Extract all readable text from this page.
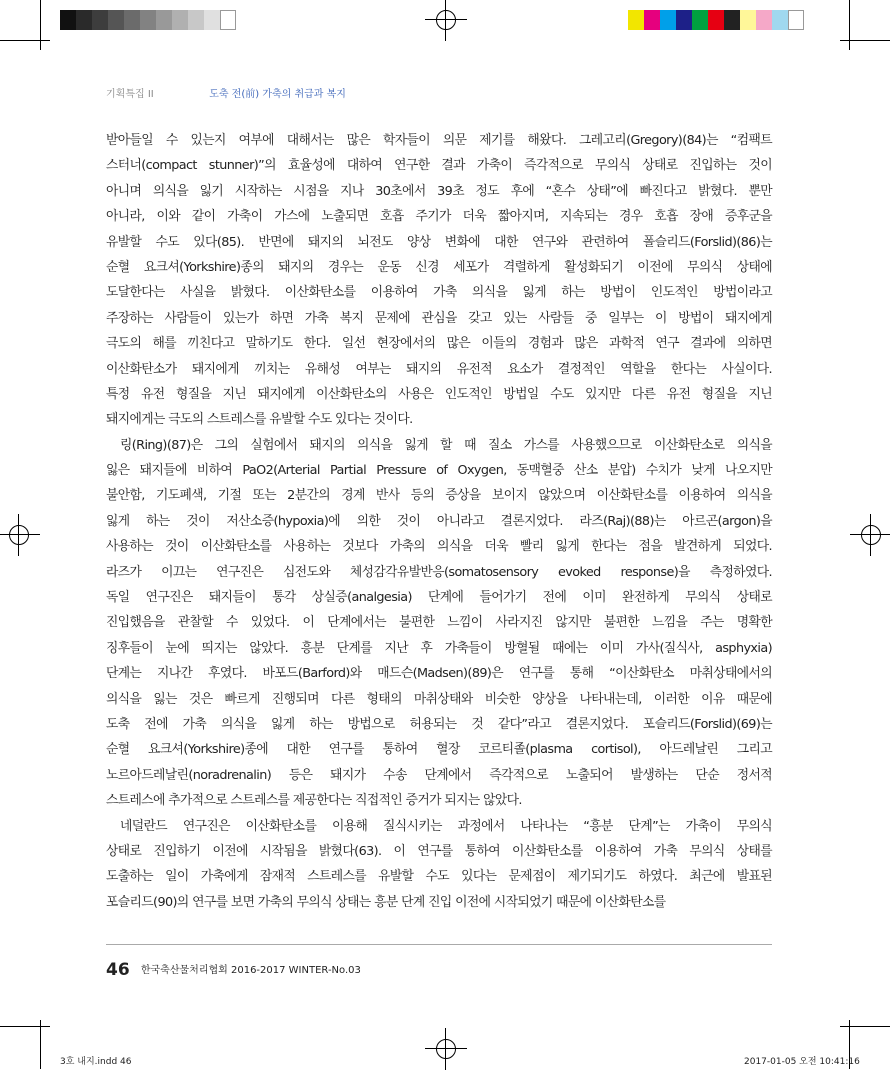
기획특집 II	도축 전(前) 가축의 취급과 복지
받아들일 수 있는지 여부에 대해서는 많은 학자들이 의문 제기를 해왔다. 그레고리(Gregory)(84)는 “컴팩트
스터너(compact stunner)”의 효율성에 대하여 연구한 결과 가축이 즉각적으로 무의식 상태로 진입하는 것이
아니며 의식을 잃기 시작하는 시점을 지나 30초에서 39초 정도 후에 “혼수 상태”에 빠진다고 밝혔다. 뿐만
아니라, 이와 같이 가축이 가스에 노출되면 호흡 주기가 더욱 짧아지며, 지속되는 경우 호흡 장애 증후군을
유발할 수도 있다(85). 반면에 돼지의 뇌전도 양상 변화에 대한 연구와 관련하여 폴슬리드(Forslid)(86)는
순혈 요크셔(Yorkshire)종의 돼지의 경우는 운동 신경 세포가 격렬하게 활성화되기 이전에 무의식 상태에
도달한다는 사실을 밝혔다. 이산화탄소를 이용하여 가축 의식을 잃게 하는 방법이 인도적인 방법이라고
주장하는 사람들이 있는가 하면 가축 복지 문제에 관심을 갖고 있는 사람들 중 일부는 이 방법이 돼지에게
극도의 해를 끼친다고 말하기도 한다. 일선 현장에서의 많은 이들의 경험과 많은 과학적 연구 결과에 의하면
이산화탄소가 돼지에게 끼치는 유해성 여부는 돼지의 유전적 요소가 결정적인 역할을 한다는 사실이다.
특정 유전 형질을 지닌 돼지에게 이산화탄소의 사용은 인도적인 방법일 수도 있지만 다른 유전 형질을 지닌
돼지에게는 극도의 스트레스를 유발할 수도 있다는 것이다.
링(Ring)(87)은 그의 실험에서 돼지의 의식을 잃게 할 때 질소 가스를 사용했으므로 이산화탄소로 의식을
잃은 돼지들에 비하여 PaO2(Arterial Partial Pressure of Oxygen, 동맥혈중 산소 분압) 수치가 낮게 나오지만
불안함, 기도폐색, 기절 또는 2분간의 경계 반사 등의 증상을 보이지 않았으며 이산화탄소를 이용하여 의식을
잃게 하는 것이 저산소증(hypoxia)에 의한 것이 아니라고 결론지었다. 라즈(Raj)(88)는 아르곤(argon)을
사용하는 것이 이산화탄소를 사용하는 것보다 가축의 의식을 더욱 빨리 잃게 한다는 점을 발견하게 되었다.
라즈가 이끄는 연구진은 심전도와 체성감각유발반응(somatosensory evoked response)을 측정하였다.
독일 연구진은 돼지들이 통각 상실증(analgesia) 단계에 들어가기 전에 이미 완전하게 무의식 상태로
진입했음을 관찰할 수 있었다. 이 단계에서는 불편한 느낌이 사라지진 않지만 불편한 느낌을 주는 명확한
징후들이 눈에 띄지는 않았다. 흥분 단계를 지난 후 가축들이 방혈될 때에는 이미 가사(질식사, asphyxia)
단계는 지나간 후였다. 바포드(Barford)와 매드슨(Madsen)(89)은 연구를 통해 “이산화탄소 마취상태에서의
의식을 잃는 것은 빠르게 진행되며 다른 형태의 마취상태와 비슷한 양상을 나타내는데, 이러한 이유 때문에
도축 전에 가축 의식을 잃게 하는 방법으로 허용되는 것 같다”라고 결론지었다. 포슬리드(Forslid)(69)는
순혈 요크셔(Yorkshire)종에 대한 연구를 통하여 혈장 코르티졸(plasma cortisol), 아드레날린 그리고
노르아드레날린(noradrenalin) 등은 돼지가 수송 단계에서 즉각적으로 노출되어 발생하는 단순 정서적
스트레스에 추가적으로 스트레스를 제공한다는 직접적인 증거가 되지는 않았다.
네덜란드 연구진은 이산화탄소를 이용해 질식시키는 과정에서 나타나는 “흥분 단계”는 가축이 무의식
상태로 진입하기 이전에 시작됨을 밝혔다(63). 이 연구를 통하여 이산화탄소를 이용하여 가축 무의식 상태를
도출하는 일이 가축에게 잠재적 스트레스를 유발할 수도 있다는 문제점이 제기되기도 하였다. 최근에 발표된
포슬리드(90)의 연구를 보면 가축의 무의식 상태는 흥분 단계 진입 이전에 시작되었기 때문에 이산화탄소를
46 한국축산물처리협회 2016-2017 WINTER-No.03
3호 내지.indd 46	2017-01-05 오전 10:41:16
